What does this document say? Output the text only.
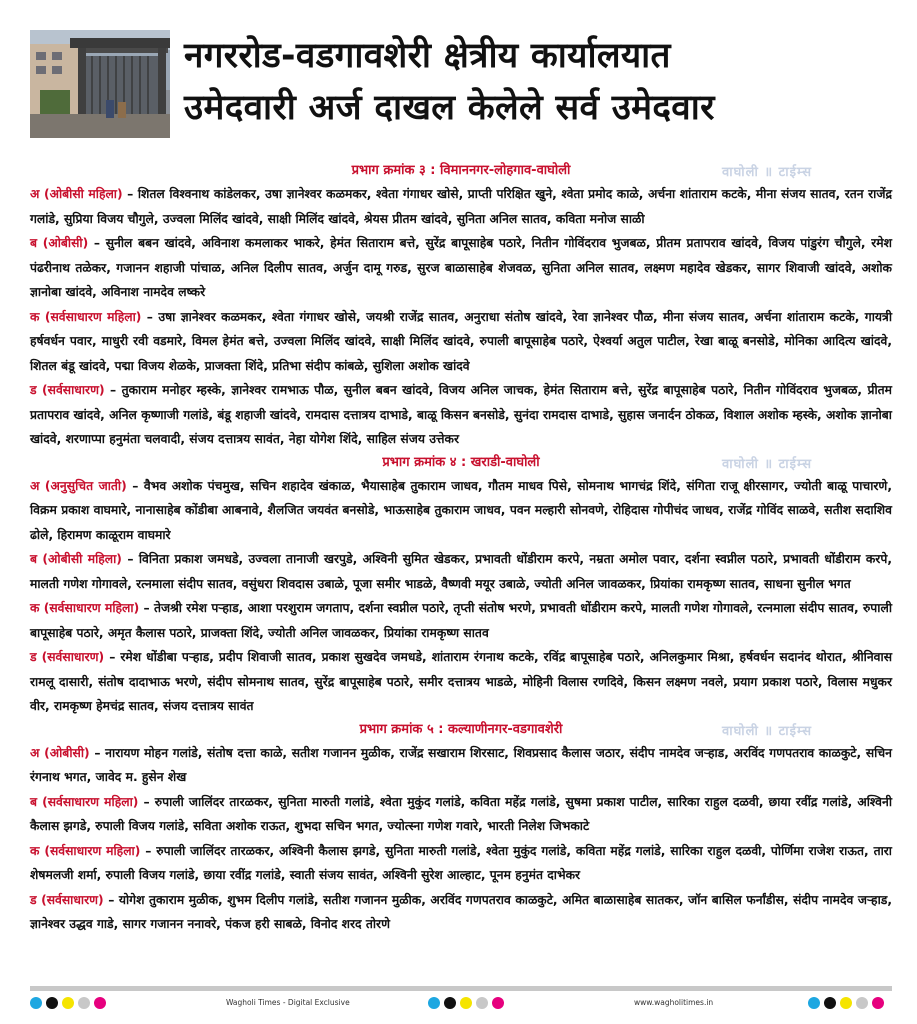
नगररोड-वडगावशेरी क्षेत्रीय कार्यालयात
उमेदवारी अर्ज दाखल केलेले सर्व उमेदवार
प्रभाग क्रमांक ३ : विमाननगर-लोहगाव-वाघोली	वाघोली ॥ टाईम्स
अ (ओबीसी महिला) – शितल विश्वनाथ कांडेलकर, उषा ज्ञानेश्वर कळमकर, श्वेता गंगाधर खोसे, प्राप्ती परिक्षित खुने, श्वेता प्रमोद काळे, अर्चना शांताराम कटके, मीना संजय सातव, रतन राजेंद्र गलांडे, सुप्रिया विजय चौगुले, उज्वला मिलिंद खांदवे, साक्षी मिलिंद खांदवे, श्रेयस प्रीतम खांदवे, सुनिता अनिल सातव, कविता मनोज साळी
ब (ओबीसी) – सुनील बबन खांदवे, अविनाश कमलाकर भाकरे, हेमंत सिताराम बत्ते, सुरेंद्र बापूसाहेब पठारे, नितीन गोविंदराव भुजबळ, प्रीतम प्रतापराव खांदवे, विजय पांडुरंग चौगुले, रमेश पंढरीनाथ तळेकर, गजानन शहाजी पांचाळ, अनिल दिलीप सातव, अर्जुन दामू गरुड, सुरज बाळासाहेब शेजवळ, सुनिता अनिल सातव, लक्ष्मण महादेव खेडकर, सागर शिवाजी खांदवे, अशोक ज्ञानोबा खांदवे, अविनाश नामदेव लष्करे
क (सर्वसाधारण महिला) – उषा ज्ञानेश्वर कळमकर, श्वेता गंगाधर खोसे, जयश्री राजेंद्र सातव, अनुराधा संतोष खांदवे, रेवा ज्ञानेश्वर पौळ, मीना संजय सातव, अर्चना शांताराम कटके, गायत्री हर्षवर्धन पवार, माधुरी रवी वडमारे, विमल हेमंत बत्ते, उज्वला मिलिंद खांदवे, साक्षी मिलिंद खांदवे, रुपाली बापूसाहेब पठारे, ऐश्वर्या अतुल पाटील, रेखा बाळू बनसोडे, मोनिका आदित्य खांदवे, शितल बंडू खांदवे, पद्मा विजय शेळके, प्राजक्ता शिंदे, प्रतिभा संदीप कांबळे, सुशिला अशोक खांदवे
ड (सर्वसाधारण) – तुकाराम मनोहर म्हस्के, ज्ञानेश्वर रामभाऊ पौळ, सुनील बबन खांदवे, विजय अनिल जाचक, हेमंत सिताराम बत्ते, सुरेंद्र बापूसाहेब पठारे, नितीन गोविंदराव भुजबळ, प्रीतम प्रतापराव खांदवे, अनिल कृष्णाजी गलांडे, बंडू शहाजी खांदवे, रामदास दत्तात्रय दाभाडे, बाळू किसन बनसोडे, सुनंदा रामदास दाभाडे, सुहास जनार्दन ठोकळ, विशाल अशोक म्हस्के, अशोक ज्ञानोबा खांदवे, शरणाप्पा हनुमंता चलवादी, संजय दत्तात्रय सावंत, नेहा योगेश शिंदे, साहिल संजय उत्तेकर
प्रभाग क्रमांक ४ : खराडी-वाघोली	वाघोली ॥ टाईम्स
अ (अनुसुचित जाती) – वैभव अशोक पंचमुख, सचिन शहादेव खंकाळ, भैयासाहेब तुकाराम जाधव, गौतम माधव पिसे, सोमनाथ भागचंद्र शिंदे, संगिता राजू क्षीरसागर, ज्योती बाळू पाचारणे, विक्रम प्रकाश वाघमारे, नानासाहेब कोंडीबा आबनावे, शैलजित जयवंत बनसोडे, भाऊसाहेब तुकाराम जाधव, पवन मल्हारी सोनवणे, रोहिदास गोपीचंद जाधव, राजेंद्र गोविंद साळवे, सतीश सदाशिव ढोले, हिरामण काळूराम वाघमारे
ब (ओबीसी महिला) – विनिता प्रकाश जमधडे, उज्वला तानाजी खरपुडे, अश्विनी सुमित खेडकर, प्रभावती धोंडीराम करपे, नम्रता अमोल पवार, दर्शना स्वप्नील पठारे, प्रभावती धोंडीराम करपे, मालती गणेश गोगावले, रत्नमाला संदीप सातव, वसुंधरा शिवदास उबाळे, पूजा समीर भाडळे, वैष्णवी मयूर उबाळे, ज्योती अनिल जावळकर, प्रियांका रामकृष्ण सातव, साधना सुनील भगत
क (सर्वसाधारण महिला) – तेजश्री रमेश पऱ्हाड, आशा परशुराम जगताप, दर्शना स्वप्नील पठारे, तृप्ती संतोष भरणे, प्रभावती धोंडीराम करपे, मालती गणेश गोगावले, रत्नमाला संदीप सातव, रुपाली बापूसाहेब पठारे, अमृत कैलास पठारे, प्राजक्ता शिंदे, ज्योती अनिल जावळकर, प्रियांका रामकृष्ण सातव
ड (सर्वसाधारण) – रमेश धोंडीबा पऱ्हाड, प्रदीप शिवाजी सातव, प्रकाश सुखदेव जमधडे, शांताराम रंगनाथ कटके, रविंद्र बापूसाहेब पठारे, अनिलकुमार मिश्रा, हर्षवर्धन सदानंद थोरात, श्रीनिवास रामलू दासारी, संतोष दादाभाऊ भरणे, संदीप सोमनाथ सातव, सुरेंद्र बापूसाहेब पठारे, समीर दत्तात्रय भाडळे, मोहिनी विलास रणदिवे, किसन लक्ष्मण नवले, प्रयाग प्रकाश पठारे, विलास मधुकर वीर, रामकृष्ण हेमचंद्र सातव, संजय दत्तात्रय सावंत
प्रभाग क्रमांक ५ : कल्याणीनगर-वडगावशेरी	वाघोली ॥ टाईम्स
अ (ओबीसी) – नारायण मोहन गलांडे, संतोष दत्ता काळे, सतीश गजानन मुळीक, राजेंद्र सखाराम शिरसाट, शिवप्रसाद कैलास जठार, संदीप नामदेव जऱ्हाड, अरविंद गणपतराव काळकुटे, सचिन रंगनाथ भगत, जावेद म. हुसेन शेख
ब (सर्वसाधारण महिला) – रुपाली जालिंदर तारळकर, सुनिता मारुती गलांडे, श्वेता मुकुंद गलांडे, कविता महेंद्र गलांडे, सुषमा प्रकाश पाटील, सारिका राहुल दळवी, छाया रवींद्र गलांडे, अश्विनी कैलास झगडे, रुपाली विजय गलांडे, सविता अशोक राऊत, शुभदा सचिन भगत, ज्योत्स्ना गणेश गवारे, भारती निलेश जिभकाटे
क (सर्वसाधारण महिला) – रुपाली जालिंदर तारळकर, अश्विनी कैलास झगडे, सुनिता मारुती गलांडे, श्वेता मुकुंद गलांडे, कविता महेंद्र गलांडे, सारिका राहुल दळवी, पोर्णिमा राजेश राऊत, तारा शेषमलजी शर्मा, रुपाली विजय गलांडे, छाया रवींद्र गलांडे, स्वाती संजय सावंत, अश्विनी सुरेश आल्हाट, पूनम हनुमंत दाभेकर
ड (सर्वसाधारण) – योगेश तुकाराम मुळीक, शुभम दिलीप गलांडे, सतीश गजानन मुळीक, अरविंद गणपतराव काळकुटे, अमित बाळासाहेब सातकर, जॉन बासिल फर्नांडीस, संदीप नामदेव जऱ्हाड, ज्ञानेश्वर उद्धव गाडे, सागर गजानन ननावरे, पंकज हरी साबळे, विनोद शरद तोरणे
Wagholi Times - Digital Exclusive	www.wagholitimes.in
